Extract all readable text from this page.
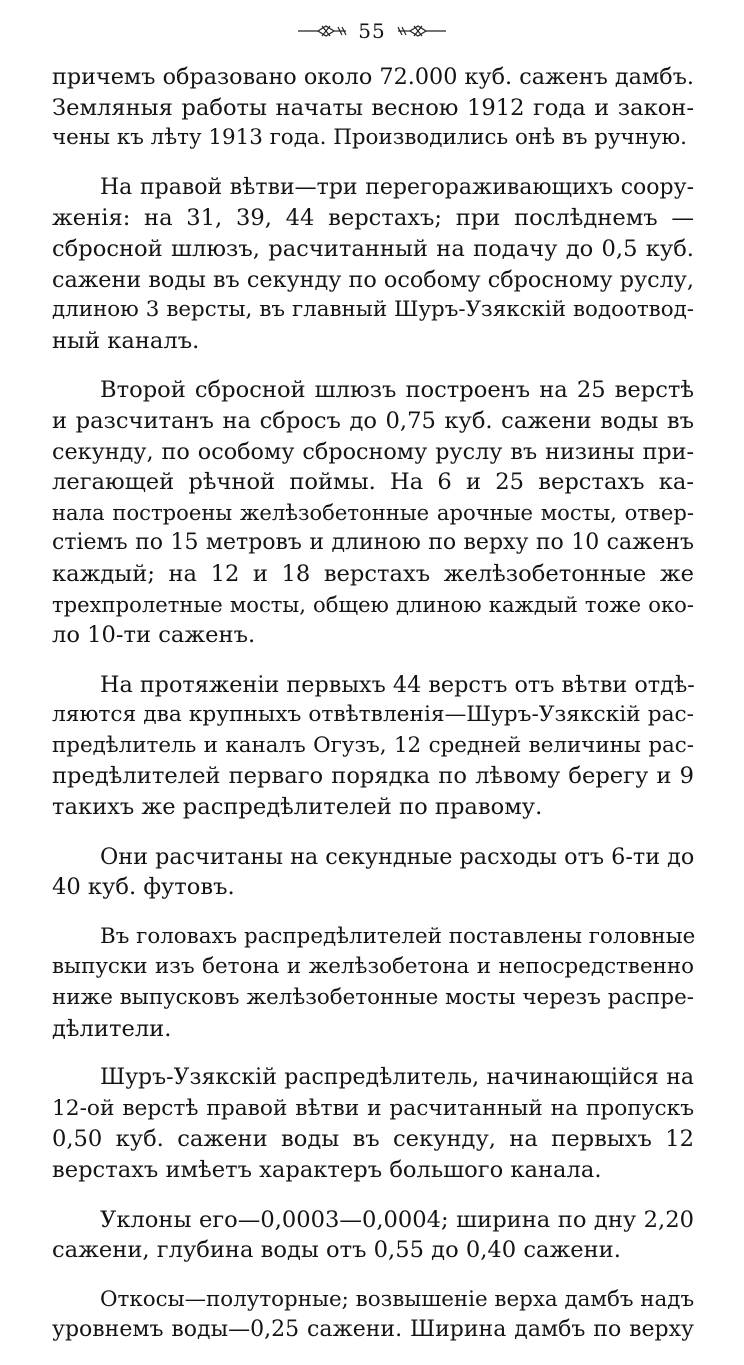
55

причемъ образовано около 72.000 куб. саженъ дамбъ.
Земляныя работы начаты весною 1912 года и закон-
чены къ лѣту 1913 года. Производились онѣ въ ручную.

На правой вѣтви—три перегораживающихъ соору-
женія: на 31, 39, 44 верстахъ; при послѣднемъ —
сбросной шлюзъ, расчитанный на подачу до 0,5 куб.
сажени воды въ секунду по особому сбросному руслу,
длиною 3 версты, въ главный Шуръ-Узякскій водоотвод-
ный каналъ.

Второй сбросной шлюзъ построенъ на 25 верстѣ
и разсчитанъ на сбросъ до 0,75 куб. сажени воды въ
секунду, по особому сбросному руслу въ низины при-
легающей рѣчной поймы. На 6 и 25 верстахъ ка-
нала построены желѣзобетонные арочные мосты, отвер-
стіемъ по 15 метровъ и длиною по верху по 10 саженъ
каждый; на 12 и 18 верстахъ желѣзобетонные же
трехпролетные мосты, общею длиною каждый тоже око-
ло 10-ти саженъ.

На протяженіи первыхъ 44 верстъ отъ вѣтви отдѣ-
ляются два крупныхъ отвѣтвленія—Шуръ-Узякскій рас-
предѣлитель и каналъ Огузъ, 12 средней величины рас-
предѣлителей перваго порядка по лѣвому берегу и 9
такихъ же распредѣлителей по правому.

Они расчитаны на секундные расходы отъ 6-ти до
40 куб. футовъ.

Въ головахъ распредѣлителей поставлены головные
выпуски изъ бетона и желѣзобетона и непосредственно
ниже выпусковъ желѣзобетонные мосты черезъ распре-
дѣлители.

Шуръ-Узякскій распредѣлитель, начинающійся на
12-ой верстѣ правой вѣтви и расчитанный на пропускъ
0,50 куб. сажени воды въ секунду, на первыхъ 12
верстахъ имѣетъ характеръ большого канала.

Уклоны его—0,0003—0,0004; ширина по дну 2,20
сажени, глубина воды отъ 0,55 до 0,40 сажени.

Откосы—полуторные; возвышеніе верха дамбъ надъ
уровнемъ воды—0,25 сажени. Ширина дамбъ по верху
